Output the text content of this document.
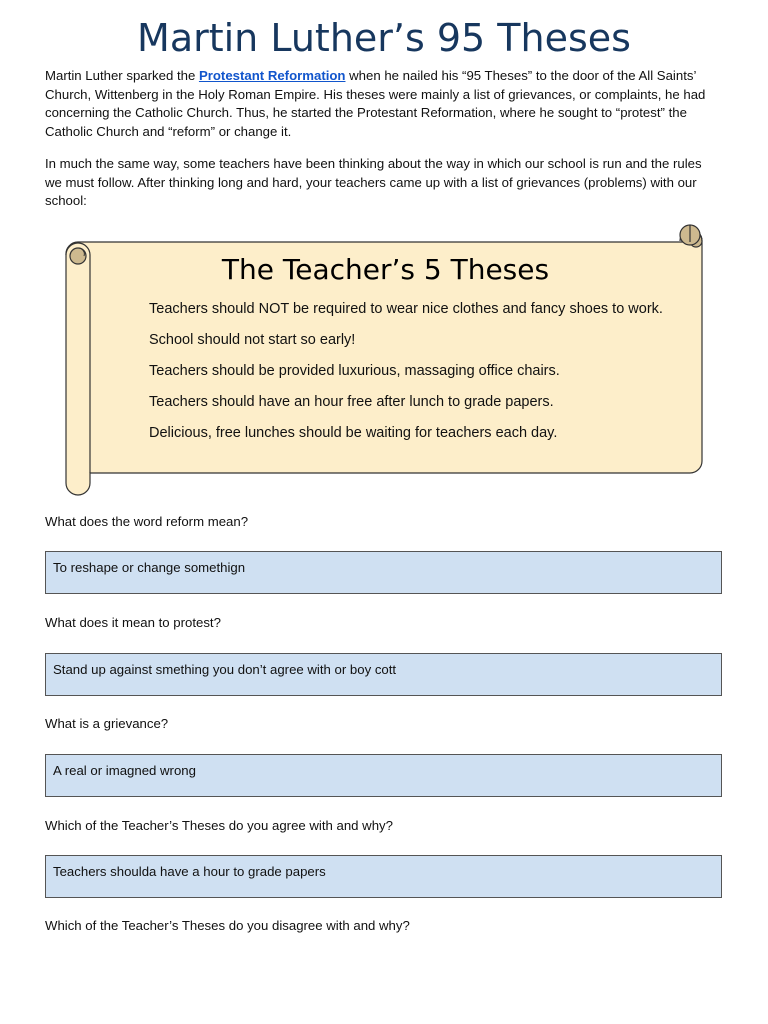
Martin Luther’s 95 Theses

Martin Luther sparked the Protestant Reformation when he nailed his “95 Theses” to the door of the All Saints’ Church, Wittenberg in the Holy Roman Empire. His theses were mainly a list of grievances, or complaints, he had concerning the Catholic Church. Thus, he started the Protestant Reformation, where he sought to “protest” the Catholic Church and “reform” or change it.

In much the same way, some teachers have been thinking about the way in which our school is run and the rules we must follow. After thinking long and hard, your teachers came up with a list of grievances (problems) with our school:

The Teacher’s 5 Theses
Teachers should NOT be required to wear nice clothes and fancy shoes to work.
School should not start so early!
Teachers should be provided luxurious, massaging office chairs.
Teachers should have an hour free after lunch to grade papers.
Delicious, free lunches should be waiting for teachers each day.

What does the word reform mean?

To reshape or change somethign

What does it mean to protest?

Stand up against smething you don’t agree with or boy cott

What is a grievance?

A real or imagned wrong

Which of the Teacher’s Theses do you agree with and why?

Teachers shoulda have a hour to grade papers

Which of the Teacher’s Theses do you disagree with and why?
